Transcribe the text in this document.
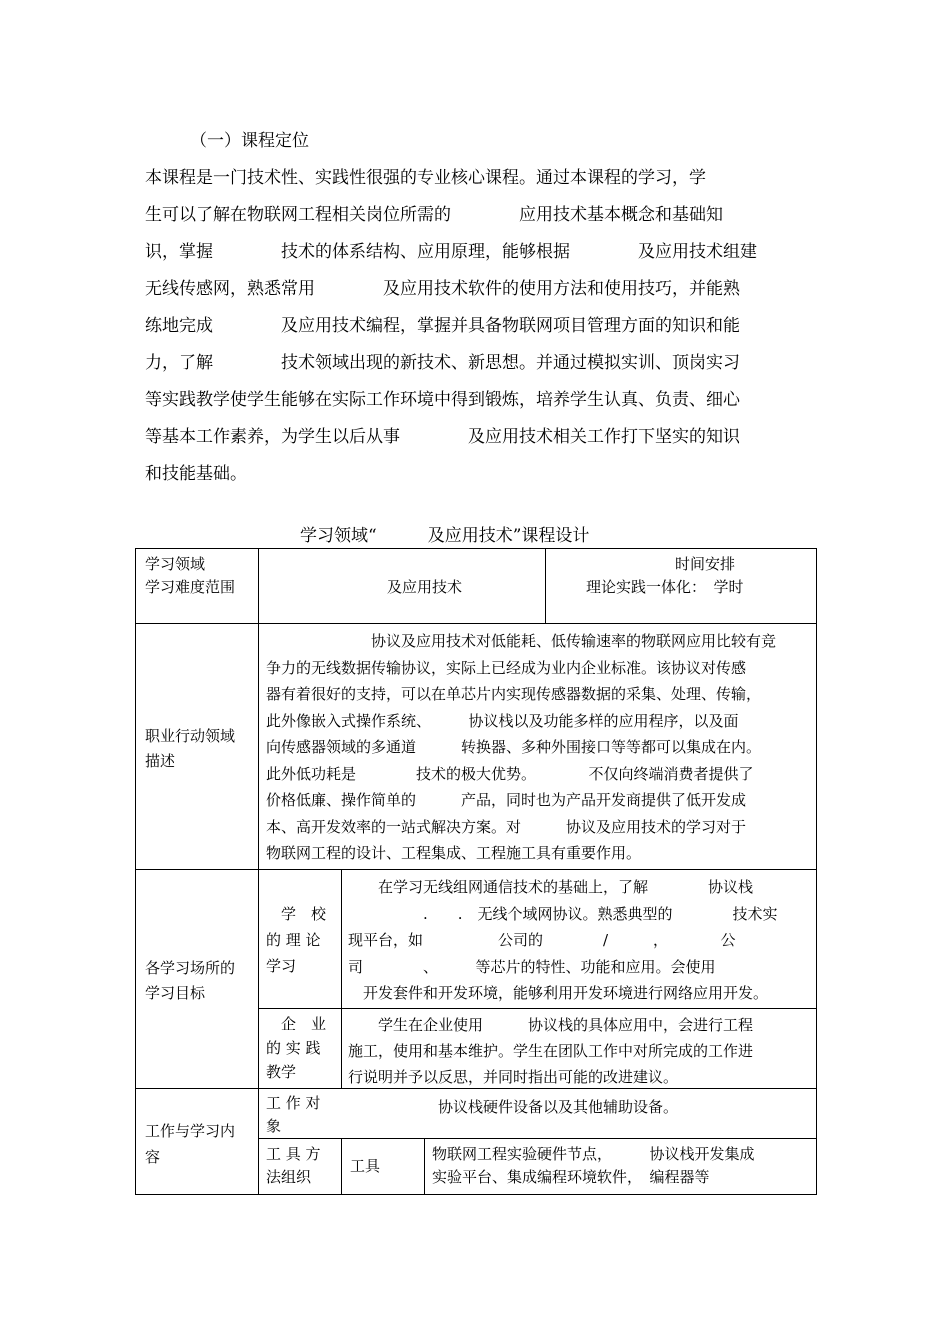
（一）课程定位
本课程是一门技术性、实践性很强的专业核心课程。通过本课程的学习，学
生可以了解在物联网工程相关岗位所需的　　　　应用技术基本概念和基础知
识，掌握　　　　技术的体系结构、应用原理，能够根据　　　　及应用技术组建
无线传感网，熟悉常用　　　　及应用技术软件的使用方法和使用技巧，并能熟
练地完成　　　　及应用技术编程，掌握并具备物联网项目管理方面的知识和能
力，了解　　　　技术领域出现的新技术、新思想。并通过模拟实训、顶岗实习
等实践教学使学生能够在实际工作环境中得到锻炼，培养学生认真、负责、细心
等基本工作素养，为学生以后从事　　　　及应用技术相关工作打下坚实的知识
和技能基础。
学习领域“　　　及应用技术”课程设计
学习领域
学习难度范围	及应用技术
时间安排
理论实践一体化：　学时
职业行动领域
描述
　　　　　　　协议及应用技术对低能耗、低传输速率的物联网应用比较有竞
争力的无线数据传输协议，实际上已经成为业内企业标准。该协议对传感
器有着很好的支持，可以在单芯片内实现传感器数据的采集、处理、传输，
此外像嵌入式操作系统、　　　协议栈以及功能多样的应用程序，以及面
向传感器领域的多通道　　　转换器、多种外围接口等等都可以集成在内。
此外低功耗是　　　　技术的极大优势。　　　　不仅向终端消费者提供了
价格低廉、操作简单的　　　产品，同时也为产品开发商提供了低开发成
本、高开发效率的一站式解决方案。对　　　协议及应用技术的学习对于
物联网工程的设计、工程集成、工程施工具有重要作用。
各学习场所的
学习目标
　学　校
的 理 论
学习
　　在学习无线组网通信技术的基础上，了解　　　　协议栈
　　　　　.　　.　无线个域网协议。熟悉典型的　　　　技术实
现平台，如　　　　　公司的　　　　/　　　，　　　　公
司　　　　、　　　等芯片的特性、功能和应用。会使用
　开发套件和开发环境，能够利用开发环境进行网络应用开发。
　企　业
的 实 践
教学
　　学生在企业使用　　　协议栈的具体应用中，会进行工程
施工，使用和基本维护。学生在团队工作中对所完成的工作进
行说明并予以反思，并同时指出可能的改进建议。
工作与学习内
容
工 作 对
象
协议栈硬件设备以及其他辅助设备。
工 具 方
法组织
工具
物联网工程实验硬件节点，　　　协议栈开发集成
实验平台、集成编程环境软件，　编程器等
